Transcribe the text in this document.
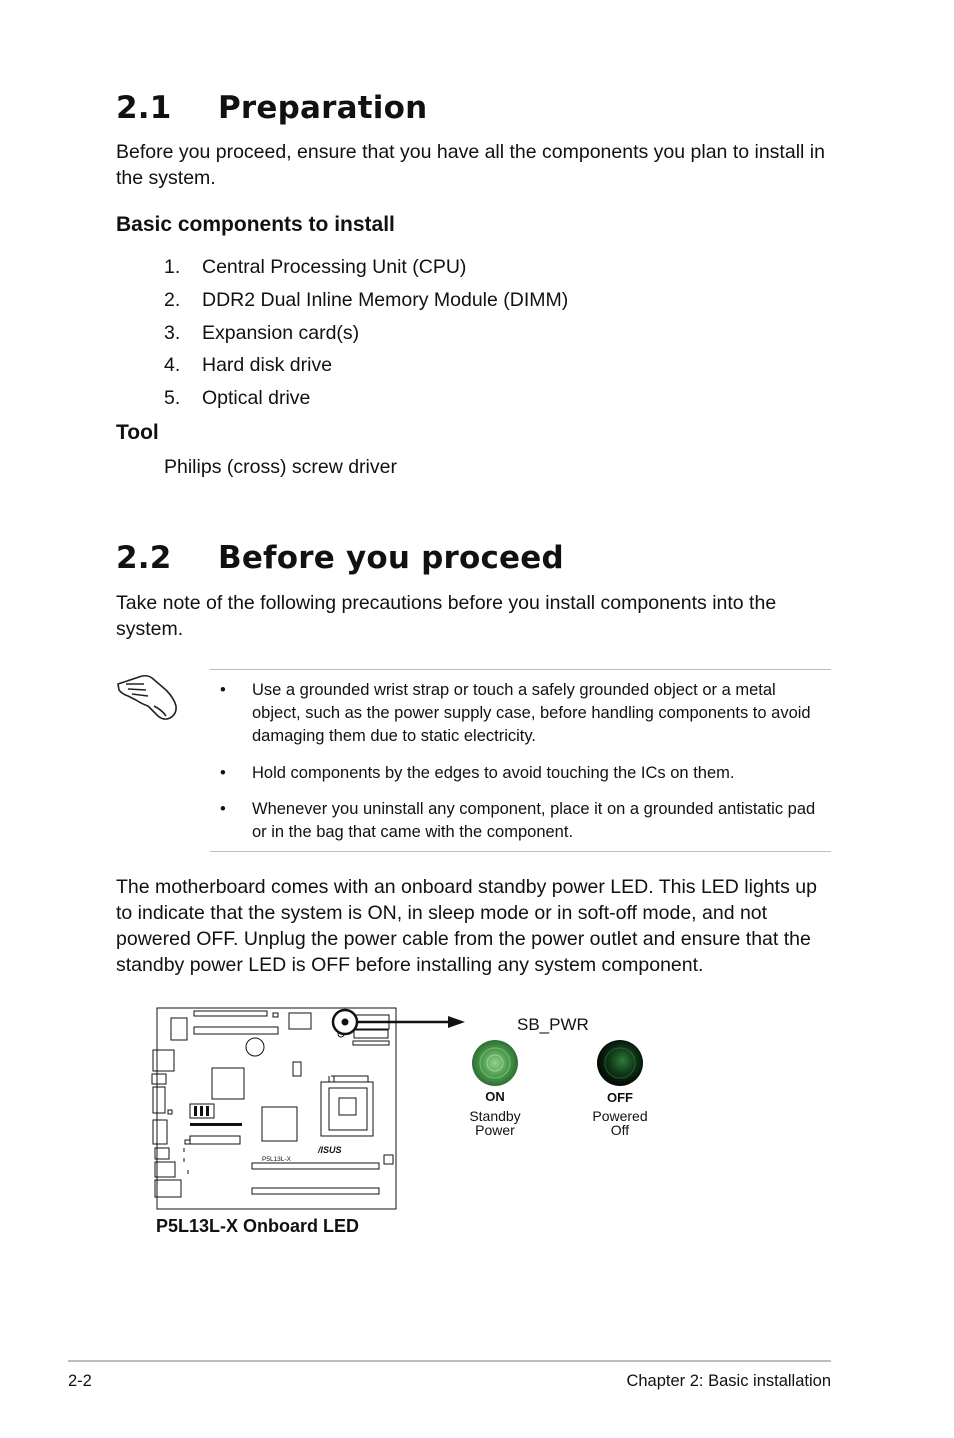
2.1 Preparation

Before you proceed, ensure that you have all the components you plan to install in the system.

Basic components to install
1. Central Processing Unit (CPU)
2. DDR2 Dual Inline Memory Module (DIMM)
3. Expansion card(s)
4. Hard disk drive
5. Optical drive
Tool
Philips (cross) screw driver
2.2 Before you proceed

Take note of the following precautions before you install components into the system.

• Use a grounded wrist strap or touch a safely grounded object or a metal object, such as the power supply case, before handling components to avoid damaging them due to static electricity.
• Hold components by the edges to avoid touching the ICs on them.
• Whenever you uninstall any component, place it on a grounded antistatic pad or in the bag that came with the component.

The motherboard comes with an onboard standby power LED. This LED lights up to indicate that the system is ON, in sleep mode or in soft-off mode, and not powered OFF. Unplug the power cable from the power outlet and ensure that the standby power LED is OFF before installing any system component.

P5L13L-X
/ISUS
SB_PWR
ON
Standby
Power
OFF
Powered
Off
P5L13L-X Onboard LED
2-2	Chapter 2: Basic installation
